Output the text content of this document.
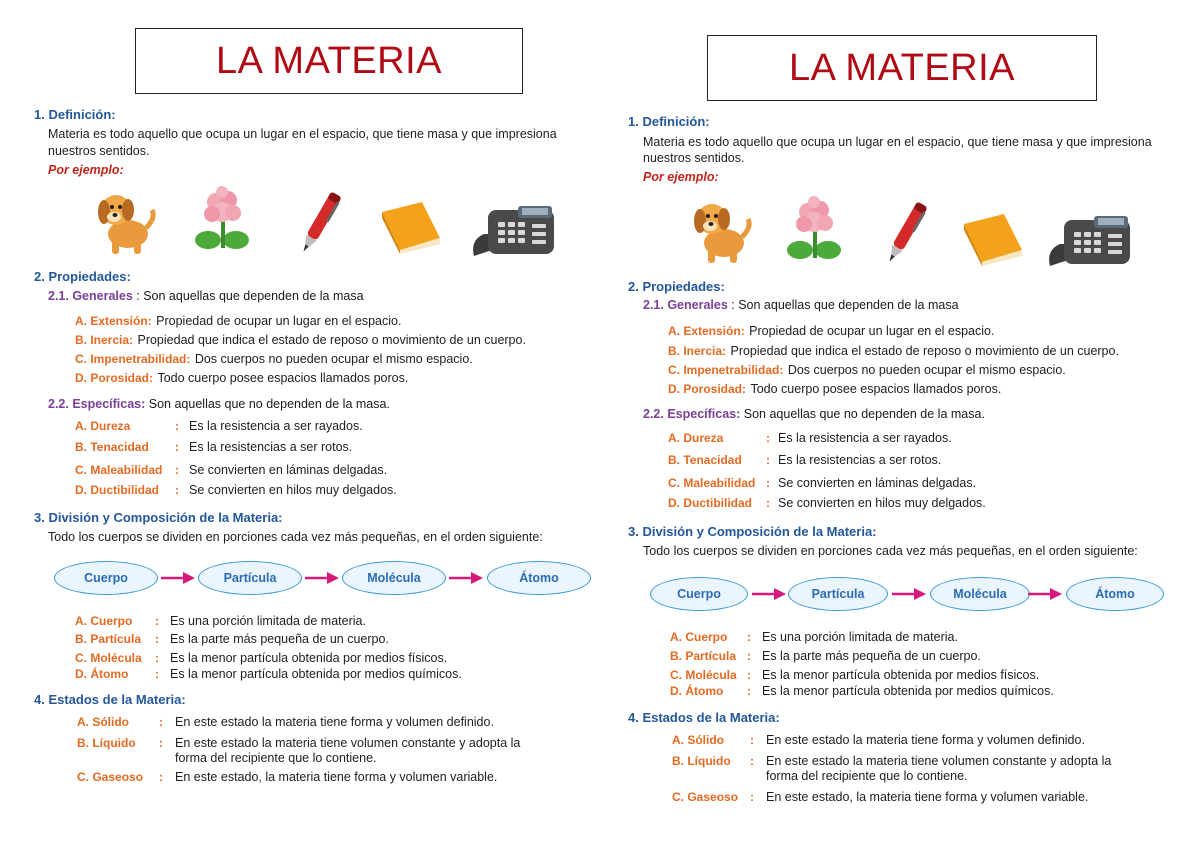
LA MATERIA
1. Definición:
Materia es todo aquello que ocupa un lugar en el espacio, que tiene masa y que impresiona
nuestros sentidos.
Por ejemplo:
2. Propiedades:
2.1. Generales : Son aquellas que dependen de la masa
A. Extensión: Propiedad de ocupar un lugar en el espacio.
B. Inercia: Propiedad que indica el estado de reposo o movimiento de un cuerpo.
C. Impenetrabilidad: Dos cuerpos no pueden ocupar el mismo espacio.
D. Porosidad: Todo cuerpo posee espacios llamados poros.
2.2. Específicas: Son aquellas que no dependen de la masa.
A. Dureza	: Es la resistencia a ser rayados.
B. Tenacidad : Es la resistencias a ser rotos.
C. Maleabilidad : Se convierten en láminas delgadas.
D. Ductibilidad : Se convierten en hilos muy delgados.
3. División y Composición de la Materia:
Todo los cuerpos se dividen en porciones cada vez más pequeñas, en el orden siguiente:
Cuerpo	Partícula	Molécula	Átomo
A. Cuerpo : Es una porción limitada de materia.
B. Partícula : Es la parte más pequeña de un cuerpo.
C. Molécula : Es la menor partícula obtenida por medios físicos.
D. Átomo : Es la menor partícula obtenida por medios químicos.
4. Estados de la Materia:
A. Sólido	: En este estado la materia tiene forma y volumen definido.
B. Líquido : En este estado la materia tiene volumen constante y adopta la
forma del recipiente que lo contiene.
C. Gaseoso : En este estado, la materia tiene forma y volumen variable.
LA MATERIA
1. Definición:
Materia es todo aquello que ocupa un lugar en el espacio, que tiene masa y que impresiona
nuestros sentidos.
Por ejemplo:
2. Propiedades:
2.1. Generales : Son aquellas que dependen de la masa
A. Extensión: Propiedad de ocupar un lugar en el espacio.
B. Inercia: Propiedad que indica el estado de reposo o movimiento de un cuerpo.
C. Impenetrabilidad: Dos cuerpos no pueden ocupar el mismo espacio.
D. Porosidad: Todo cuerpo posee espacios llamados poros.
2.2. Específicas: Son aquellas que no dependen de la masa.
A. Dureza	: Es la resistencia a ser rayados.
B. Tenacidad : Es la resistencias a ser rotos.
C. Maleabilidad : Se convierten en láminas delgadas.
D. Ductibilidad : Se convierten en hilos muy delgados.
3. División y Composición de la Materia:
Todo los cuerpos se dividen en porciones cada vez más pequeñas, en el orden siguiente:
Cuerpo	Partícula	Molécula	Átomo
A. Cuerpo : Es una porción limitada de materia.
B. Partícula : Es la parte más pequeña de un cuerpo.
C. Molécula : Es la menor partícula obtenida por medios físicos.
D. Átomo : Es la menor partícula obtenida por medios químicos.
4. Estados de la Materia:
A. Sólido : En este estado la materia tiene forma y volumen definido.
B. Líquido : En este estado la materia tiene volumen constante y adopta la
forma del recipiente que lo contiene.
C. Gaseoso : En este estado, la materia tiene forma y volumen variable.
